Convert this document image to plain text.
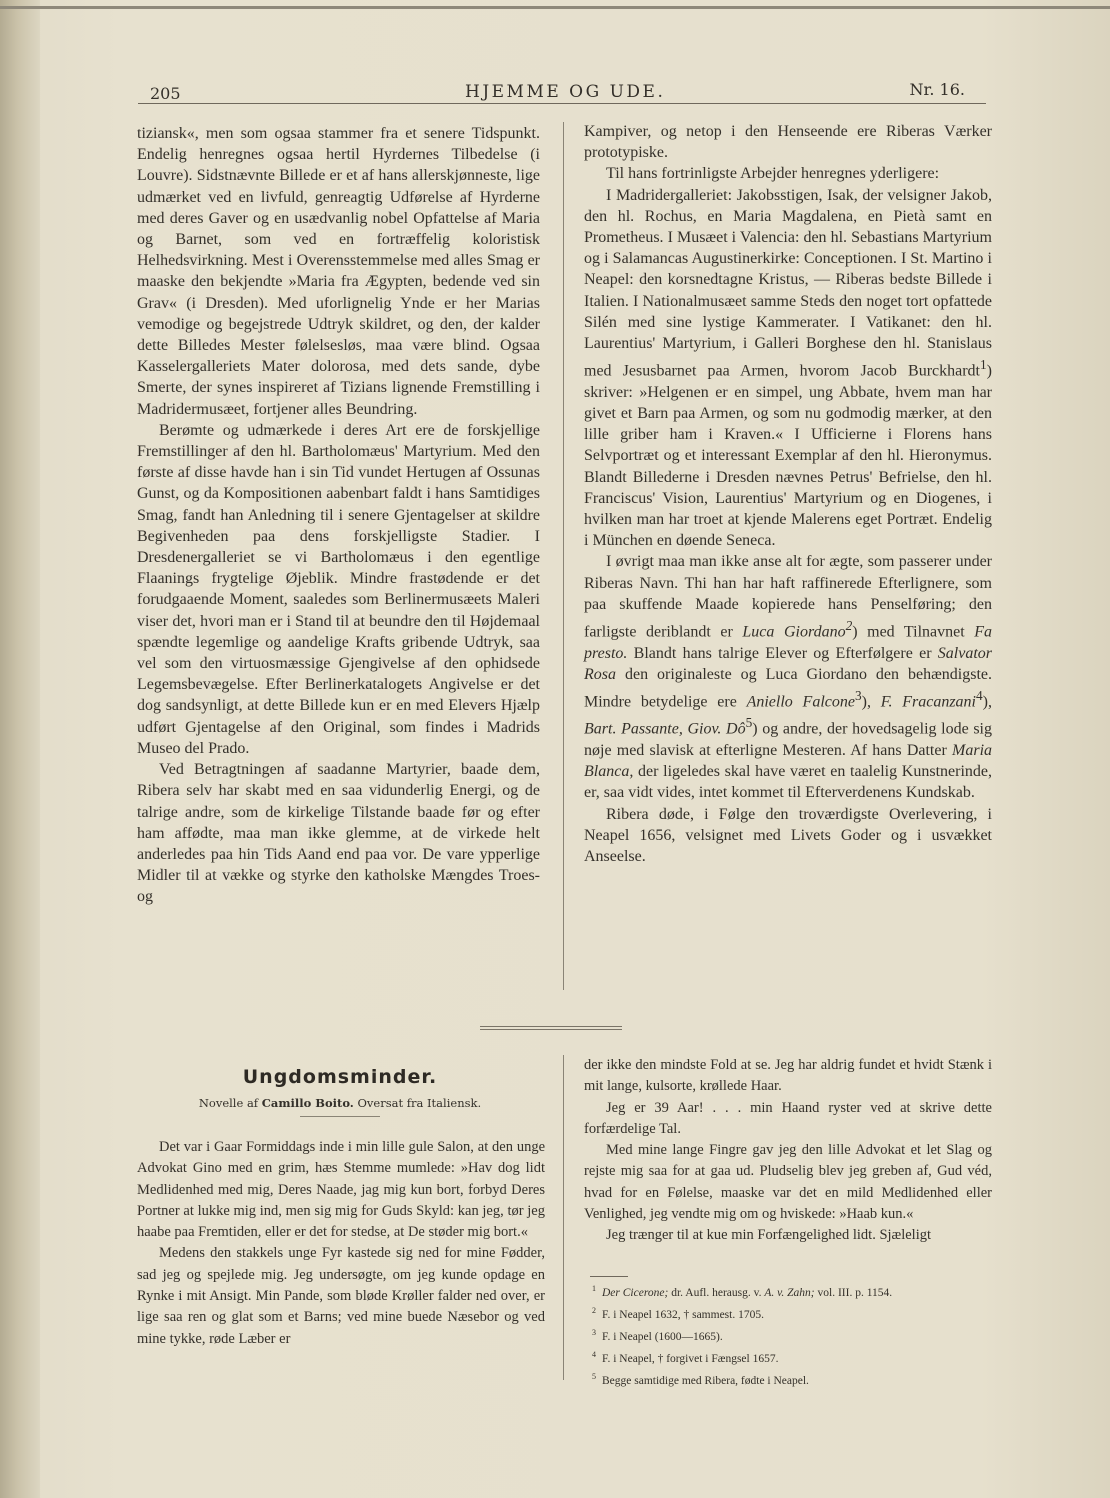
205	HJEMME OG UDE.	Nr. 16.

tiziansk«, men som ogsaa stammer fra et senere Tidspunkt. Endelig henregnes ogsaa hertil Hyrdernes Tilbedelse (i Louvre). Sidstnævnte Billede er et af hans allerskjønneste, lige udmærket ved en livfuld, genreagtig Udførelse af Hyrderne med deres Gaver og en usædvanlig nobel Opfattelse af Maria og Barnet, som ved en fortræffelig koloristisk Helhedsvirkning. Mest i Overensstemmelse med alles Smag er maaske den bekjendte »Maria fra Ægypten, bedende ved sin Grav« (i Dresden). Med uforlignelig Ynde er her Marias vemodige og begejstrede Udtryk skildret, og den, der kalder dette Billedes Mester følelsesløs, maa være blind. Ogsaa Kasselergalleriets Mater dolorosa, med dets sande, dybe Smerte, der synes inspireret af Tizians lignende Fremstilling i Madridermusæet, fortjener alles Beundring.

Berømte og udmærkede i deres Art ere de forskjellige Fremstillinger af den hl. Bartholomæus' Martyrium. Med den første af disse havde han i sin Tid vundet Hertugen af Ossunas Gunst, og da Kompositionen aabenbart faldt i hans Samtidiges Smag, fandt han Anledning til i senere Gjentagelser at skildre Begivenheden paa dens forskjelligste Stadier. I Dresdenergalleriet se vi Bartholomæus i den egentlige Flaanings frygtelige Øjeblik. Mindre frastødende er det forudgaaende Moment, saaledes som Berlinermusæets Maleri viser det, hvori man er i Stand til at beundre den til Højdemaal spændte legemlige og aandelige Krafts gribende Udtryk, saa vel som den virtuosmæssige Gjengivelse af den ophidsede Legemsbevægelse. Efter Berlinerkatalogets Angivelse er det dog sandsynligt, at dette Billede kun er en med Elevers Hjælp udført Gjentagelse af den Original, som findes i Madrids Museo del Prado.

Ved Betragtningen af saadanne Martyrier, baade dem, Ribera selv har skabt med en saa vidunderlig Energi, og de talrige andre, som de kirkelige Tilstande baade før og efter ham affødte, maa man ikke glemme, at de virkede helt anderledes paa hin Tids Aand end paa vor. De vare ypperlige Midler til at vække og styrke den katholske Mængdes Troes- og

Kampiver, og netop i den Henseende ere Riberas Værker prototypiske.

Til hans fortrinligste Arbejder henregnes yderligere:

I Madridergalleriet: Jakobsstigen, Isak, der velsigner Jakob, den hl. Rochus, en Maria Magdalena, en Pietà samt en Prometheus. I Musæet i Valencia: den hl. Sebastians Martyrium og i Salamancas Augustinerkirke: Conceptionen. I St. Martino i Neapel: den korsnedtagne Kristus, — Riberas bedste Billede i Italien. I Nationalmusæet samme Steds den noget tort opfattede Silén med sine lystige Kammerater. I Vatikanet: den hl. Laurentius' Martyrium, i Galleri Borghese den hl. Stanislaus med Jesusbarnet paa Armen, hvorom Jacob Burckhardt$^1$) skriver: »Helgenen er en simpel, ung Abbate, hvem man har givet et Barn paa Armen, og som nu godmodig mærker, at den lille griber ham i Kraven.« I Ufficierne i Florens hans Selvportræt og et interessant Exemplar af den hl. Hieronymus. Blandt Billederne i Dresden nævnes Petrus' Befrielse, den hl. Franciscus' Vision, Laurentius' Martyrium og en Diogenes, i hvilken man har troet at kjende Malerens eget Portræt. Endelig i München en døende Seneca.

I øvrigt maa man ikke anse alt for ægte, som passerer under Riberas Navn. Thi han har haft raffinerede Efterlignere, som paa skuffende Maade kopierede hans Penselføring; den farligste deriblandt er Luca Giordano$^2$) med Tilnavnet Fa presto. Blandt hans talrige Elever og Efterfølgere er Salvator Rosa den originaleste og Luca Giordano den behændigste. Mindre betydelige ere Aniello Falcone$^3$), F. Fracanzani$^4$), Bart. Passante, Giov. $Dô^5$) og andre, der hovedsagelig lode sig nøje med slavisk at efterligne Mesteren. Af hans Datter Maria Blanca, der ligeledes skal have været en taalelig Kunstnerinde, er, saa vidt vides, intet kommet til Efterverdenens Kundskab.

Ribera døde, i Følge den troværdigste Overlevering, i Neapel 1656, velsignet med Livets Goder og i usvækket Anseelse.

Ungdomsminder.
Novelle af Camillo Boito. Oversat fra Italiensk.

Det var i Gaar Formiddags inde i min lille gule Salon, at den unge Advokat Gino med en grim, hæs Stemme mumlede: »Hav dog lidt Medlidenhed med mig, Deres Naade, jag mig kun bort, forbyd Deres Portner at lukke mig ind, men sig mig for Guds Skyld: kan jeg, tør jeg haabe paa Fremtiden, eller er det for stedse, at De støder mig bort.«

Medens den stakkels unge Fyr kastede sig ned for mine Fødder, sad jeg og spejlede mig. Jeg undersøgte, om jeg kunde opdage en Rynke i mit Ansigt. Min Pande, som bløde Krøller falder ned over, er lige saa ren og glat som et Barns; ved mine buede Næsebor og ved mine tykke, røde Læber er

der ikke den mindste Fold at se. Jeg har aldrig fundet et hvidt Stænk i mit lange, kulsorte, krøllede Haar.

Jeg er 39 Aar! . . . min Haand ryster ved at skrive dette forfærdelige Tal.

Med mine lange Fingre gav jeg den lille Advokat et let Slag og rejste mig saa for at gaa ud. Pludselig blev jeg greben af, Gud véd, hvad for en Følelse, maaske var det en mild Medlidenhed eller Venlighed, jeg vendte mig om og hviskede: »Haab kun.«

Jeg trænger til at kue min Forfængelighed lidt. Sjæleligt

$^1$ Der Cicerone; dr. Aufl. herausg. v. A. v. Zahn; vol. III. p. 1154.
$^2$ F. i Neapel 1632, † sammest. 1705.
$^3$ F. i Neapel (1600—1665).
$^4$ F. i Neapel, † forgivet i Fængsel 1657.
$^5$ Begge samtidige med Ribera, fødte i Neapel.
